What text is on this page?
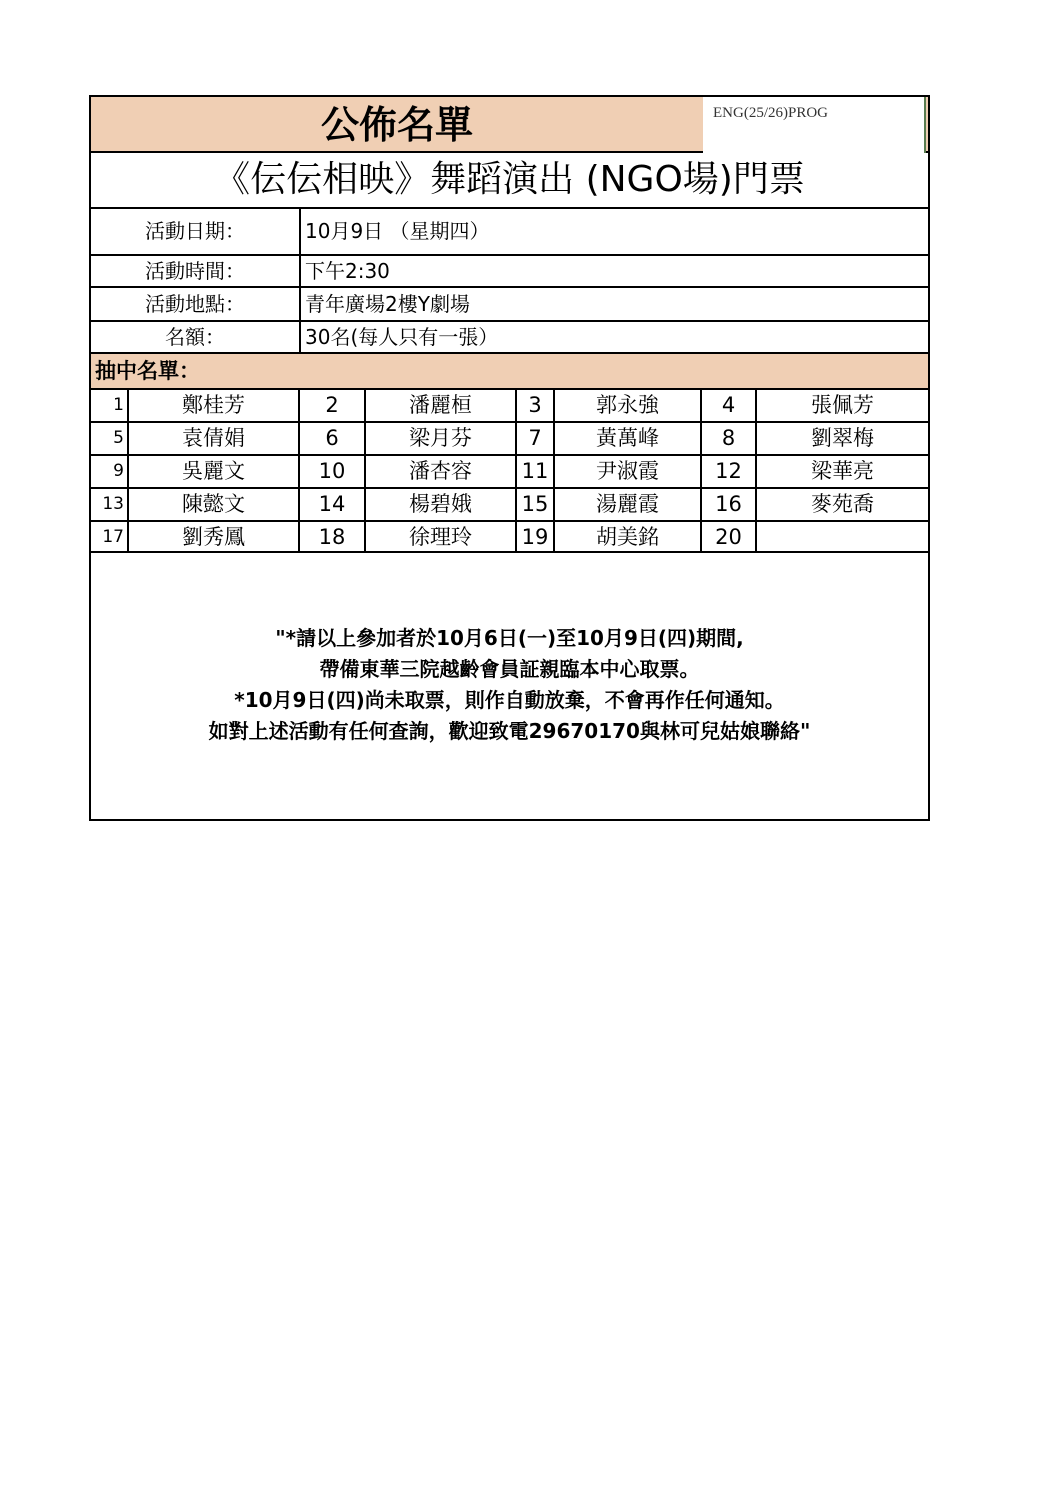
公佈名單	ENG(25/26)PROG
《伝伝相映》舞蹈演出 (NGO場)門票
活動日期：	10月9日 （星期四）
活動時間：	下午2:30
活動地點：	青年廣場2樓Y劇場
名額：	30名(每人只有一張）
抽中名單：
1	鄭桂芳	2	潘麗桓	3	郭永強	4	張佩芳
5	袁倩娟	6	梁月芬	7	黃萬峰	8	劉翠梅
9	吳麗文	10	潘杏容	11	尹淑霞	12	梁華亮
13	陳懿文	14	楊碧娥	15	湯麗霞	16	麥苑喬
17	劉秀鳳	18	徐理玲	19	胡美銘	20
"*請以上參加者於10月6日(一)至10月9日(四)期間,
帶備東華三院越齡會員証親臨本中心取票。
*10月9日(四)尚未取票，則作自動放棄，不會再作任何通知。
如對上述活動有任何查詢，歡迎致電29670170與林可兒姑娘聯絡"
